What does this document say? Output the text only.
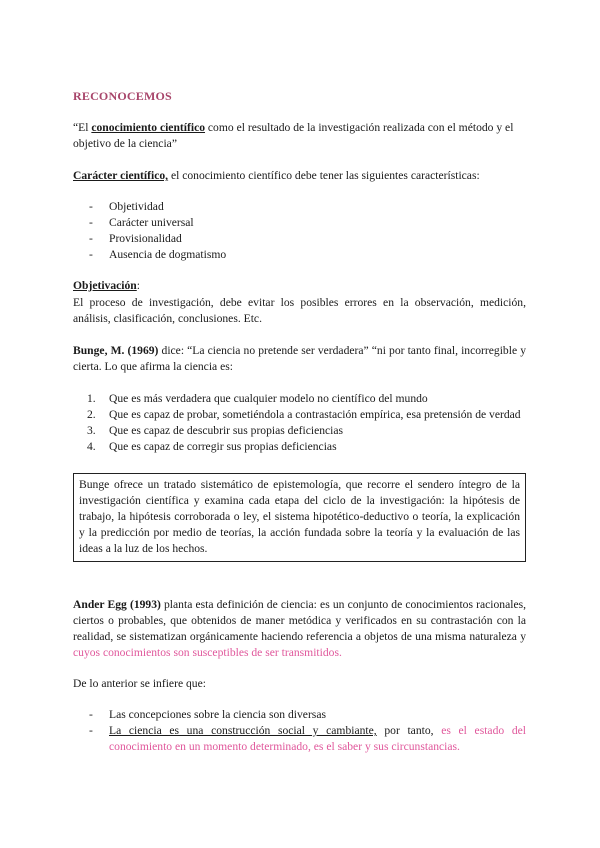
RECONOCEMOS
“El conocimiento científico como el resultado de la investigación realizada con el método y el objetivo de la ciencia”
Carácter científico, el conocimiento científico debe tener las siguientes características:
- Objetividad
- Carácter universal
- Provisionalidad
- Ausencia de dogmatismo
Objetivación:
El proceso de investigación, debe evitar los posibles errores en la observación, medición, análisis, clasificación, conclusiones. Etc.
Bunge, M. (1969) dice: “La ciencia no pretende ser verdadera” “ni por tanto final, incorregible y cierta. Lo que afirma la ciencia es:
1. Que es más verdadera que cualquier modelo no científico del mundo
2. Que es capaz de probar, sometiéndola a contrastación empírica, esa pretensión de verdad
3. Que es capaz de descubrir sus propias deficiencias
4. Que es capaz de corregir sus propias deficiencias
Bunge ofrece un tratado sistemático de epistemología, que recorre el sendero íntegro de la investigación científica y examina cada etapa del ciclo de la investigación: la hipótesis de trabajo, la hipótesis corroborada o ley, el sistema hipotético-deductivo o teoría, la explicación y la predicción por medio de teorías, la acción fundada sobre la teoría y la evaluación de las ideas a la luz de los hechos.
Ander Egg (1993) planta esta definición de ciencia: es un conjunto de conocimientos racionales, ciertos o probables, que obtenidos de maner metódica y verificados en su contrastación con la realidad, se sistematizan orgánicamente haciendo referencia a objetos de una misma naturaleza y cuyos conocimientos son susceptibles de ser transmitidos.
De lo anterior se infiere que:
- Las concepciones sobre la ciencia son diversas
- La ciencia es una construcción social y cambiante, por tanto, es el estado del conocimiento en un momento determinado, es el saber y sus circunstancias.
